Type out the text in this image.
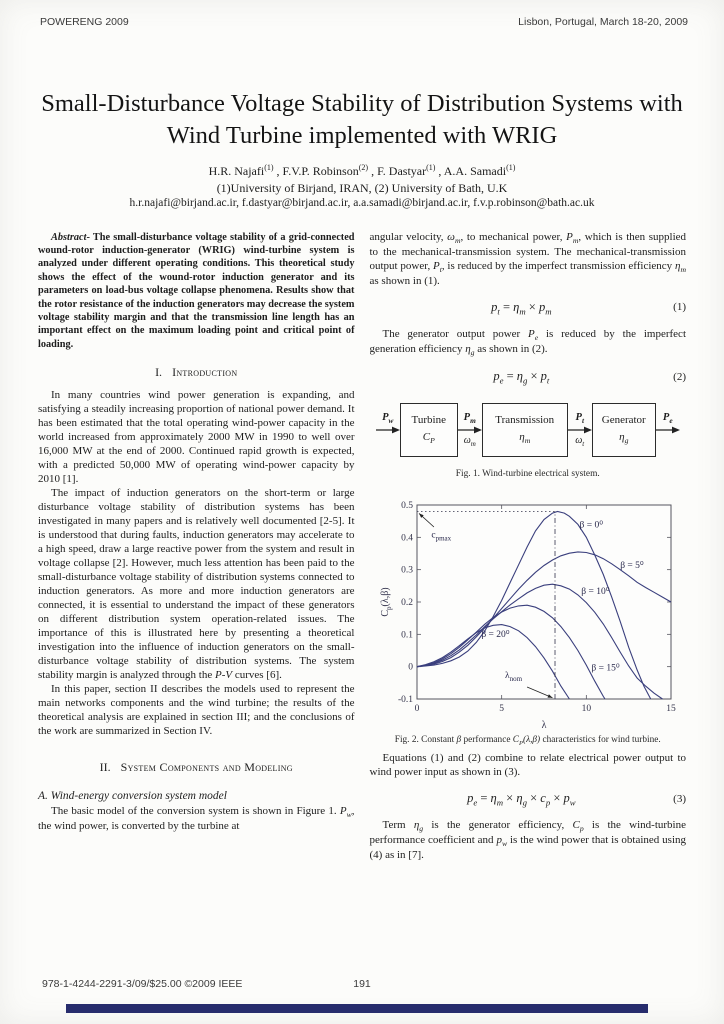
POWERENG 2009	Lisbon, Portugal, March 18-20, 2009
Small-Disturbance Voltage Stability of Distribution Systems with Wind Turbine implemented with WRIG
H.R. Najafi$^{(1)}$ , F.V.P. Robinson$^{(2)}$ , F. Dastyar$^{(1)}$ , A.A. Samadi$^{(1)}$
(1)University of Birjand, IRAN, (2) University of Bath, U.K
h.r.najafi@birjand.ac.ir, f.dastyar@birjand.ac.ir, a.a.samadi@birjand.ac.ir, f.v.p.robinson@bath.ac.uk

Abstract- The small-disturbance voltage stability of a grid-connected wound-rotor induction-generator (WRIG) wind-turbine system is analyzed under different operating conditions. This theoretical study shows the effect of the wound-rotor induction generator and its parameters on load-bus voltage collapse phenomena. Results show that the rotor resistance of the induction generators may decrease the system voltage stability margin and that the transmission line length has an important effect on the maximum loading point and critical point of loading.

I. Introduction

In many countries wind power generation is expanding, and satisfying a steadily increasing proportion of national power demand. It has been estimated that the total operating wind-power capacity in the world increased from approximately 2000 MW in 1990 to well over 16,000 MW at the end of 2000. Continued rapid growth is expected, with a predicted 50,000 MW of operating wind-power capacity by 2010 [1].

The impact of induction generators on the short-term or large disturbance voltage stability of distribution systems has been investigated in many papers and is relatively well documented [2-5]. It is understood that during faults, induction generators may accelerate to a high speed, draw a large reactive power from the system and result in voltage collapse [2]. However, much less attention has been paid to the small-disturbance voltage stability of distribution systems connected to induction generators. As more and more induction generators are connected, it is essential to understand the impact of these generators on different distribution system operation-related issues. The importance of this is illustrated here by presenting a theoretical investigation into the influence of induction generators on the small-disturbance voltage stability of distribution systems. The system stability margin is analyzed through the P-V curves [6].

In this paper, section II describes the models used to represent the main networks components and the wind turbine; the results of the theoretical analysis are explained in section III; and the conclusions of the work are summarized in Section IV.

II. System Components and Modeling
A. Wind-energy conversion system model

The basic model of the conversion system is shown in Figure 1. $P_w$, the wind power, is converted by the turbine at

angular velocity, $\omega_m$, to mechanical power, $P_m$, which is then supplied to the mechanical-transmission system. The mechanical-transmission output power, $P_t$, is reduced by the imperfect transmission efficiency $\eta_m$ as shown in (1).

$p_t = \eta_m \times p_m$	(1)

The generator output power $P_e$ is reduced by the imperfect generation efficiency $\eta_g$ as shown in (2).

$p_e = \eta_g \times p_t$	(2)
$P_w$ Turbine
$C_P$
$P_m$
$\omega_m$
Transmission
$\eta_m$
$P_t$
$\omega_t$
Generator
$\eta_g$
$P_e$
Fig. 1. Wind-turbine electrical system.
0	5	10	15
-0.1
0
0.1
0.2
0.3
0.4
0.5
β = 0⁰
β = 5⁰
β = 10⁰
β = 15⁰
β = 20⁰
$c_{pmax}$
$\lambda_{nom}$
λ
$C_p(\lambda,\beta)$
Fig. 2. Constant β performance $C_P(\lambda,\beta)$ characteristics for wind turbine.

Equations (1) and (2) combine to relate electrical power output to wind power input as shown in (3).

$p_e = \eta_m \times \eta_g \times c_p \times p_w$	(3)

Term $\eta_g$ is the generator efficiency, $C_p$ is the wind-turbine performance coefficient and $p_w$ is the wind power that is obtained using (4) as in [7].

978-1-4244-2291-3/09/$25.00 ©2009 IEEE	191
